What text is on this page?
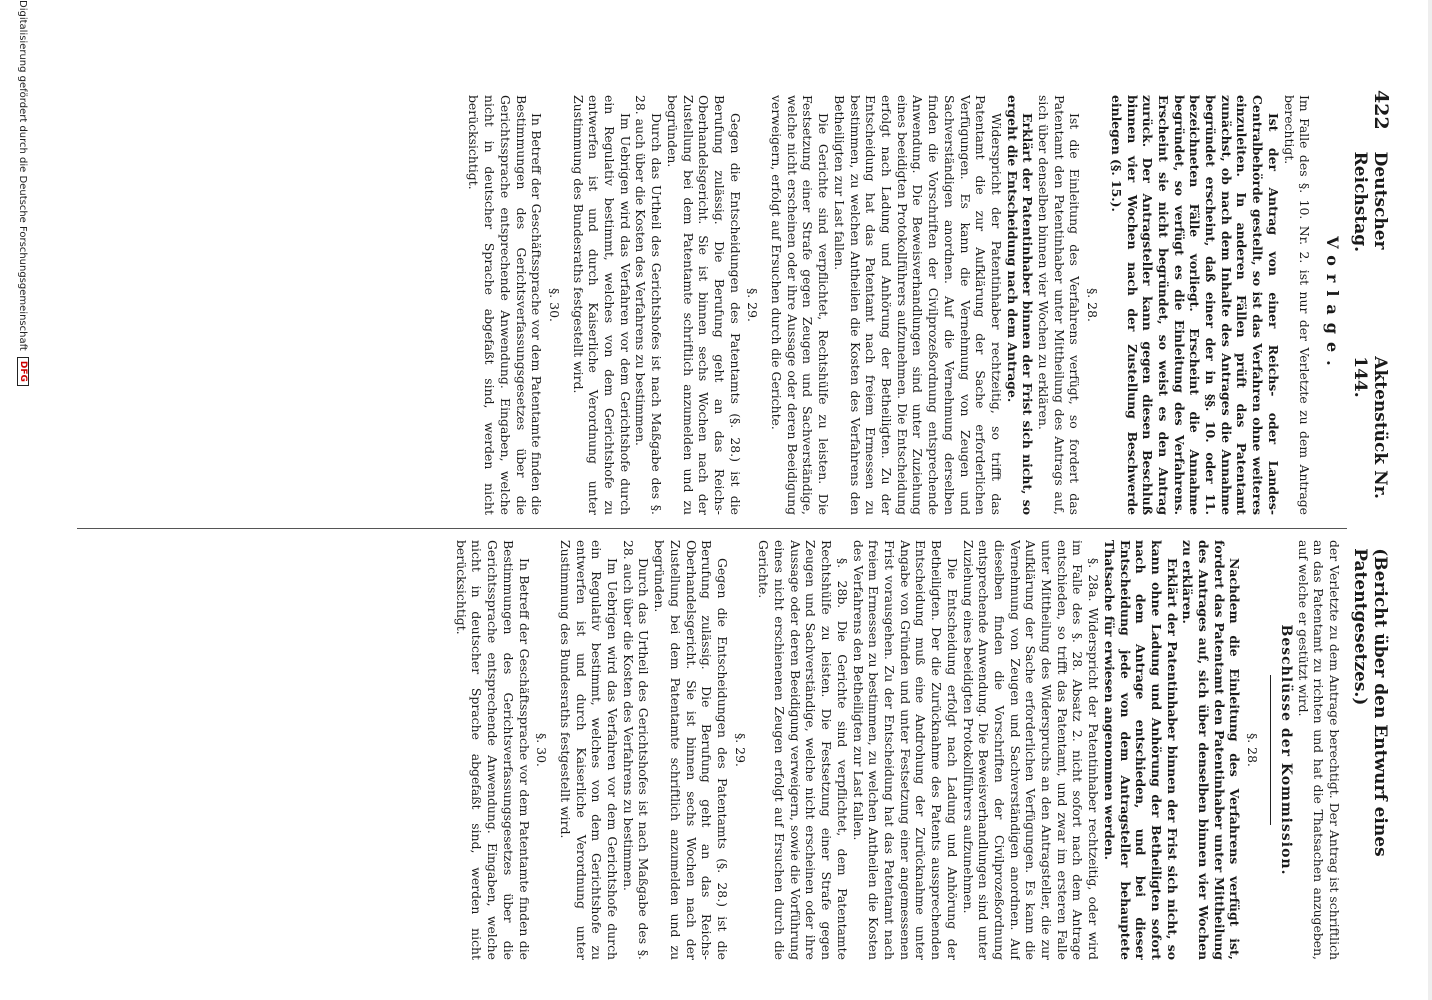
422
Deutscher Reichstag.
Aktenstück Nr. 144.
(Bericht über den Entwurf eines Patentgesetzes.)
Vorlage.

Im Falle des §. 10. Nr. 2. ist nur der Verletzte zu dem Antrage berechtigt.

Ist der Antrag von einer Reichs- oder Landes-Centralbehörde gestellt, so ist das Verfahren ohne weiteres einzuleiten. In anderen Fällen prüft das Patentamt zunächst, ob nach dem Inhalte des Antrages die Annahme begründet erscheint, daß einer der in §§. 10. oder 11. bezeichneten Fälle vorliegt. Erscheint die Annahme begründet, so verfügt es die Einleitung des Verfahrens. Erscheint sie nicht begründet, so weist es den Antrag zurück. Der Antragsteller kann gegen diesen Beschluß binnen vier Wochen nach der Zustellung Beschwerde einlegen (§. 15.).

§. 28.

Ist die Einleitung des Verfahrens verfügt, so fordert das Patentamt den Patentinhaber unter Mittheilung des Antrags auf, sich über denselben binnen vier Wochen zu erklären.

Erklärt der Patentinhaber binnen der Frist sich nicht, so ergeht die Entscheidung nach dem Antrage.

Widerspricht der Patentinhaber rechtzeitig, so trifft das Patentamt die zur Aufklärung der Sache erforderlichen Verfügungen. Es kann die Vernehmung von Zeugen und Sachverständigen anordnen. Auf die Vernehmung derselben finden die Vorschriften der Civilprozeßordnung entsprechende Anwendung. Die Beweisverhandlungen sind unter Zuziehung eines beeidigten Protokollführers aufzunehmen. Die Entscheidung erfolgt nach Ladung und Anhörung der Betheiligten. Zu der Entscheidung hat das Patentamt nach freiem Ermessen zu bestimmen, zu welchen Antheilen die Kosten des Verfahrens den Betheiligten zur Last fallen.

Die Gerichte sind verpflichtet, Rechtshülfe zu leisten. Die Festsetzung einer Strafe gegen Zeugen und Sachverständige, welche nicht erscheinen oder ihre Aussage oder deren Beeidigung verweigern, erfolgt auf Ersuchen durch die Gerichte.

§. 29.

Gegen die Entscheidungen des Patentamts (§. 28.) ist die Berufung zulässig. Die Berufung geht an das Reichs-Oberhandelsgericht. Sie ist binnen sechs Wochen nach der Zustellung bei dem Patentamte schriftlich anzumelden und zu begründen.

Durch das Urtheil des Gerichtshofes ist nach Maßgabe des §. 28. auch über die Kosten des Verfahrens zu bestimmen.

Im Uebrigen wird das Verfahren vor dem Gerichtshofe durch ein Regulativ bestimmt, welches von dem Gerichtshofe zu entwerfen ist und durch Kaiserliche Verordnung unter Zustimmung des Bundesraths festgestellt wird.

§. 30.

In Betreff der Geschäftssprache vor dem Patentamte finden die Bestimmungen des Gerichtsverfassungsgesetzes über die Gerichtssprache entsprechende Anwendung. Eingaben, welche nicht in deutscher Sprache abgefaßt sind, werden nicht berücksichtigt.

der Verletzte zu dem Antrage berechtigt. Der Antrag ist schriftlich an das Patentamt zu richten und hat die Thatsachen anzugeben, auf welche er gestützt wird.

Beschlüsse der Kommission.
§. 28.

Nachdem die Einleitung des Verfahrens verfügt ist, fordert das Patentamt den Patentinhaber unter Mittheilung des Antrages auf, sich über denselben binnen vier Wochen zu erklären.

Erklärt der Patentinhaber binnen der Frist sich nicht, so kann ohne Ladung und Anhörung der Betheiligten sofort nach dem Antrage entschieden, und bei dieser Entscheidung jede von dem Antragsteller behauptete Thatsache für erwiesen angenommen werden.

§. 28a. Widerspricht der Patentinhaber rechtzeitig, oder wird im Falle des §. 28. Absatz 2. nicht sofort nach dem Antrage entschieden, so trifft das Patentamt, und zwar im ersteren Falle unter Mittheilung des Widerspruchs an den Antragsteller, die zur Aufklärung der Sache erforderlichen Verfügungen. Es kann die Vernehmung von Zeugen und Sachverständigen anordnen. Auf dieselben finden die Vorschriften der Civilprozeßordnung entsprechende Anwendung. Die Beweisverhandlungen sind unter Zuziehung eines beeidigten Protokollführers aufzunehmen.

Die Entscheidung erfolgt nach Ladung und Anhörung der Betheiligten. Der die Zurücknahme des Patents aussprechenden Entscheidung muß eine Androhung der Zurücknahme unter Angabe von Gründen und unter Festsetzung einer angemessenen Frist vorausgehen. Zu der Entscheidung hat das Patentamt nach freiem Ermessen zu bestimmen, zu welchen Antheilen die Kosten des Verfahrens den Betheiligten zur Last fallen.

§. 28b. Die Gerichte sind verpflichtet, dem Patentamte Rechtshülfe zu leisten. Die Festsetzung einer Strafe gegen Zeugen und Sachverständige, welche nicht erscheinen oder ihre Aussage oder deren Beeidigung verweigern, sowie die Vorführung eines nicht erschienenen Zeugen erfolgt auf Ersuchen durch die Gerichte.

§. 29.

Gegen die Entscheidungen des Patentamts (§. 28.) ist die Berufung zulässig. Die Berufung geht an das Reichs-Oberhandelsgericht. Sie ist binnen sechs Wochen nach der Zustellung bei dem Patentamte schriftlich anzumelden und zu begründen.

Durch das Urtheil des Gerichtshofes ist nach Maßgabe des §. 28. auch über die Kosten des Verfahrens zu bestimmen.

Im Uebrigen wird das Verfahren vor dem Gerichtshofe durch ein Regulativ bestimmt, welches von dem Gerichtshofe zu entwerfen ist und durch Kaiserliche Verordnung unter Zustimmung des Bundesraths festgestellt wird.

§. 30.

In Betreff der Geschäftssprache vor dem Patentamte finden die Bestimmungen des Gerichtsverfassungsgesetzes über die Gerichtssprache entsprechende Anwendung. Eingaben, welche nicht in deutscher Sprache abgefaßt sind, werden nicht berücksichtigt.

Digitalisierung gefördert durch die Deutsche Forschungsgemeinschaft
DFG
